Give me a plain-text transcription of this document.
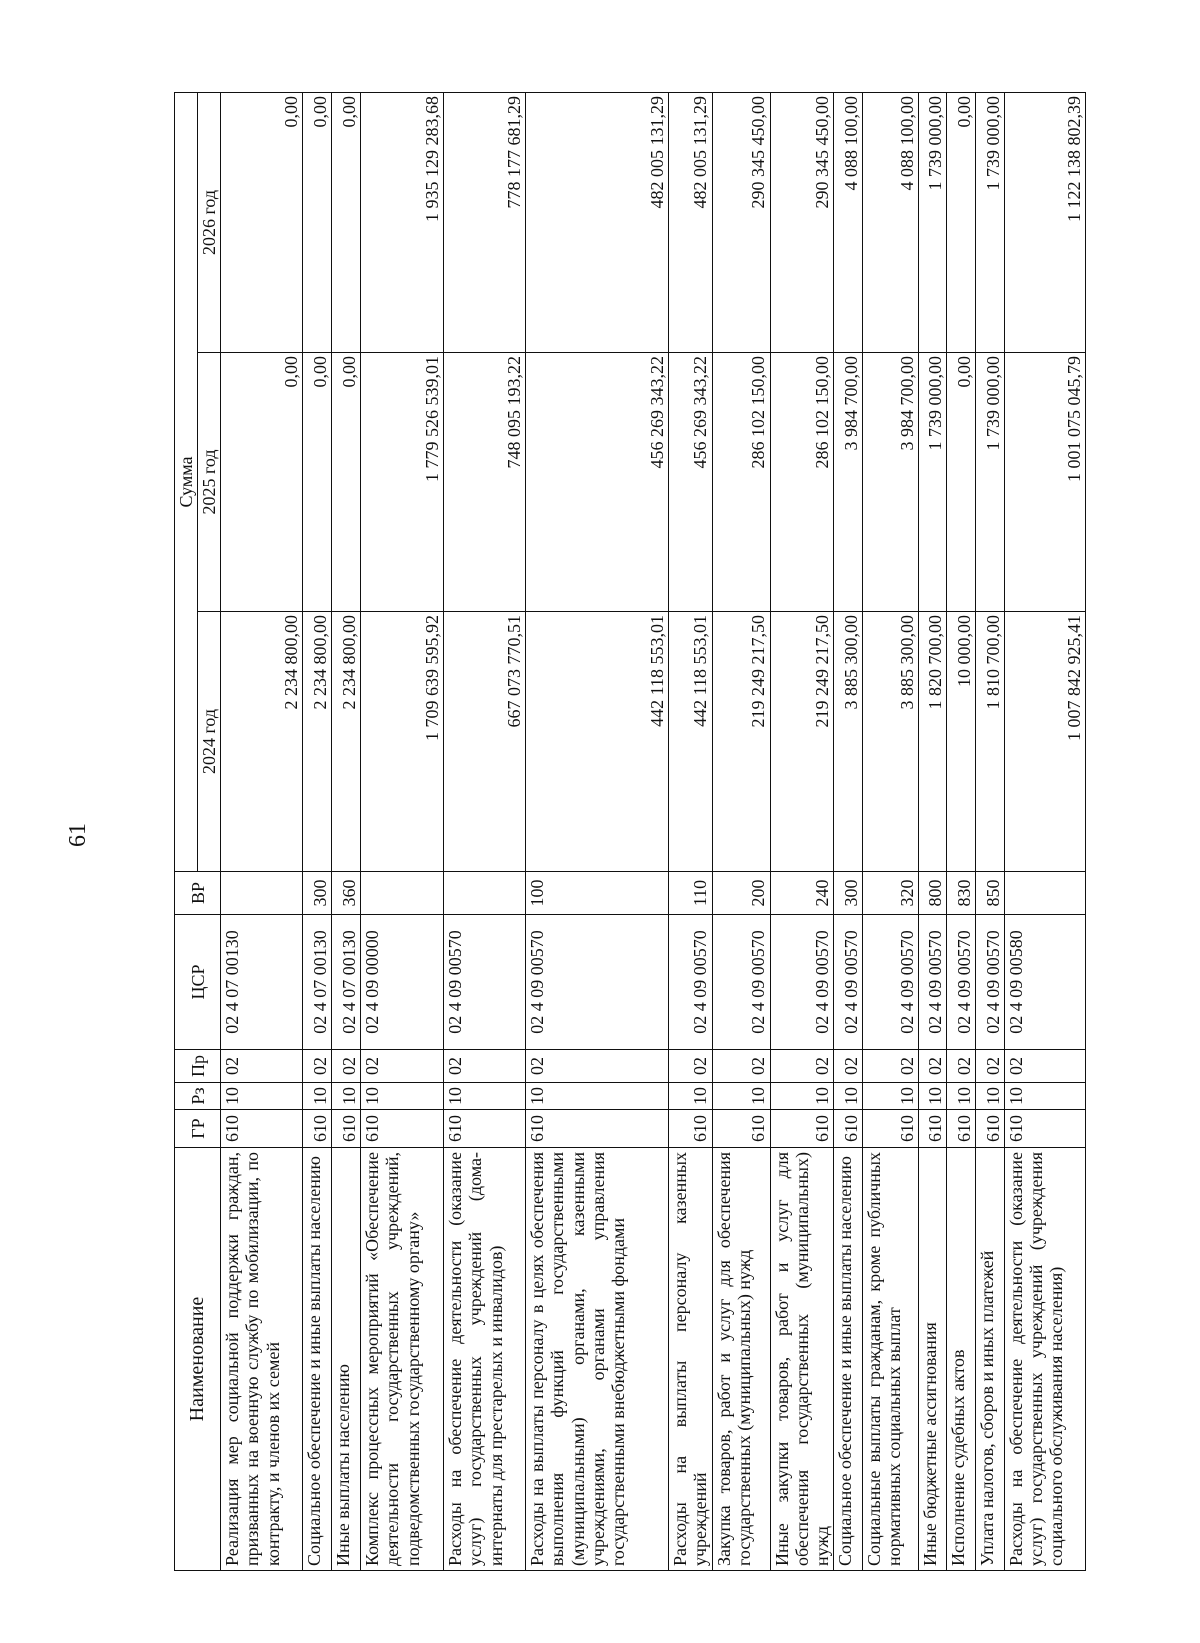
61
Наименование	ГР	Рз	Пр	ЦСР	ВР	Сумма		
						2024 год	2025 год	2026 год
Реализация мер социальной поддержки граждан, призванных на военную службу по мобилизации, по контракту, и членов их семей	610	10	02	02 4 07 00130		2 234 800,00	0,00	0,00
Социальное обеспечение и иные выплаты населению	610	10	02	02 4 07 00130	300	2 234 800,00	0,00	0,00
Иные выплаты населению	610	10	02	02 4 07 00130	360	2 234 800,00	0,00	0,00
Комплекс процессных мероприятий «Обеспечение деятельности государственных учреждений, подведомственных государственному органу»	610	10	02	02 4 09 00000		1 709 639 595,92	1 779 526 539,01	1 935 129 283,68
Расходы на обеспечение деятельности (оказание услуг) государственных учреждений (дома-интернаты для престарелых и инвалидов)	610	10	02	02 4 09 00570		667 073 770,51	748 095 193,22	778 177 681,29
Расходы на выплаты персоналу в целях обеспечения выполнения функций государственными (муниципальными) органами, казенными учреждениями, органами управления государственными внебюджетными фондами	610	10	02	02 4 09 00570	100	442 118 553,01	456 269 343,22	482 005 131,29
Расходы на выплаты персоналу казенных учреждений	610	10	02	02 4 09 00570	110	442 118 553,01	456 269 343,22	482 005 131,29
Закупка товаров, работ и услуг для обеспечения государственных (муниципальных) нужд	610	10	02	02 4 09 00570	200	219 249 217,50	286 102 150,00	290 345 450,00
Иные закупки товаров, работ и услуг для обеспечения государственных (муниципальных) нужд	610	10	02	02 4 09 00570	240	219 249 217,50	286 102 150,00	290 345 450,00
Социальное обеспечение и иные выплаты населению	610	10	02	02 4 09 00570	300	3 885 300,00	3 984 700,00	4 088 100,00
Социальные выплаты гражданам, кроме публичных нормативных социальных выплат	610	10	02	02 4 09 00570	320	3 885 300,00	3 984 700,00	4 088 100,00
Иные бюджетные ассигнования	610	10	02	02 4 09 00570	800	1 820 700,00	1 739 000,00	1 739 000,00
Исполнение судебных актов	610	10	02	02 4 09 00570	830	10 000,00	0,00	0,00
Уплата налогов, сборов и иных платежей	610	10	02	02 4 09 00570	850	1 810 700,00	1 739 000,00	1 739 000,00
Расходы на обеспечение деятельности (оказание услуг) государственных учреждений (учреждения социального обслуживания населения)	610	10	02	02 4 09 00580		1 007 842 925,41	1 001 075 045,79	1 122 138 802,39
